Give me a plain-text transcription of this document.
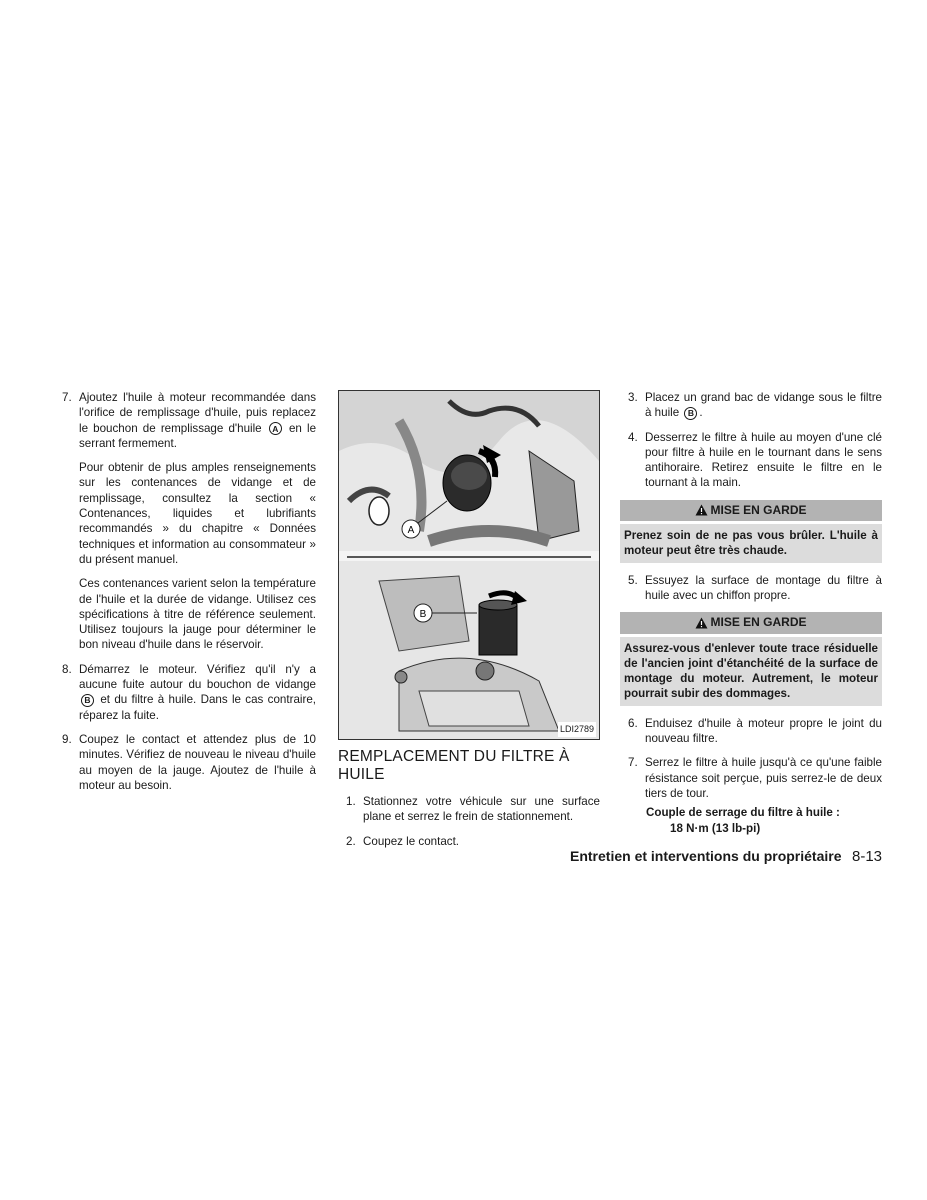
7. Ajoutez l'huile à moteur recommandée dans l'orifice de remplissage d'huile, puis replacez le bouchon de remplissage d'huile A en le serrant fermement.

Pour obtenir de plus amples renseignements sur les contenances de vidange et de remplissage, consultez la section « Contenances, liquides et lubrifiants recommandés » du chapitre « Données techniques et information au consommateur » du présent manuel.

Ces contenances varient selon la température de l'huile et la durée de vidange. Utilisez ces spécifications à titre de référence seulement. Utilisez toujours la jauge pour déterminer le bon niveau d'huile dans le réservoir.

8. Démarrez le moteur. Vérifiez qu'il n'y a aucune fuite autour du bouchon de vidange B et du filtre à huile. Dans le cas contraire, réparez la fuite.
9. Coupez le contact et attendez plus de 10 minutes. Vérifiez de nouveau le niveau d'huile au moyen de la jauge. Ajoutez de l'huile à moteur au besoin.
A
B
LDI2789
REMPLACEMENT DU FILTRE À HUILE
1. Stationnez votre véhicule sur une surface plane et serrez le frein de stationnement.
2. Coupez le contact.
3. Placez un grand bac de vidange sous le filtre à huile B .
4. Desserrez le filtre à huile au moyen d'une clé pour filtre à huile en le tournant dans le sens antihoraire. Retirez ensuite le filtre en le tournant à la main.
MISE EN GARDE
Prenez soin de ne pas vous brûler. L'huile à moteur peut être très chaude.
5. Essuyez la surface de montage du filtre à huile avec un chiffon propre.
MISE EN GARDE
Assurez-vous d'enlever toute trace résiduelle de l'ancien joint d'étanchéité de la surface de montage du moteur. Autrement, le moteur pourrait subir des dommages.
6. Enduisez d'huile à moteur propre le joint du nouveau filtre.
7. Serrez le filtre à huile jusqu'à ce qu'une faible résistance soit perçue, puis serrez-le de deux tiers de tour.
Couple de serrage du filtre à huile :
18 N·m (13 lb-pi)
Entretien et interventions du propriétaire 8-13
